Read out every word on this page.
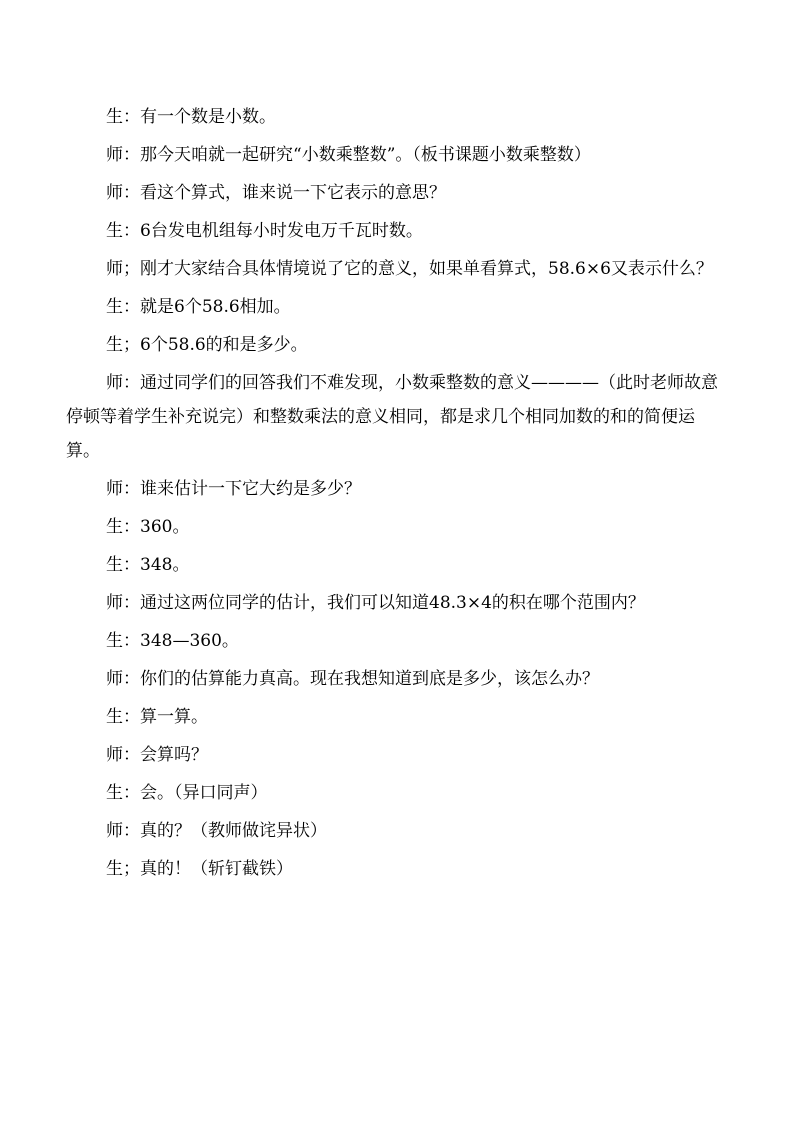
生：有一个数是小数。

师：那今天咱就一起研究“小数乘整数”。（板书课题小数乘整数）

师：看这个算式，谁来说一下它表示的意思？

生：6台发电机组每小时发电万千瓦时数。

师；刚才大家结合具体情境说了它的意义，如果单看算式，58.6×6又表示什么？

生：就是6个58.6相加。

生；6个58.6的和是多少。

师：通过同学们的回答我们不难发现，小数乘整数的意义————（此时老师故意停顿等着学生补充说完）和整数乘法的意义相同，都是求几个相同加数的和的简便运算。

师：谁来估计一下它大约是多少？

生：360。

生：348。

师：通过这两位同学的估计，我们可以知道48.3×4的积在哪个范围内？

生：348—360。

师：你们的估算能力真高。现在我想知道到底是多少，该怎么办？

生：算一算。

师：会算吗？

生：会。（异口同声）

师：真的？（教师做诧异状）

生；真的！（斩钉截铁）
